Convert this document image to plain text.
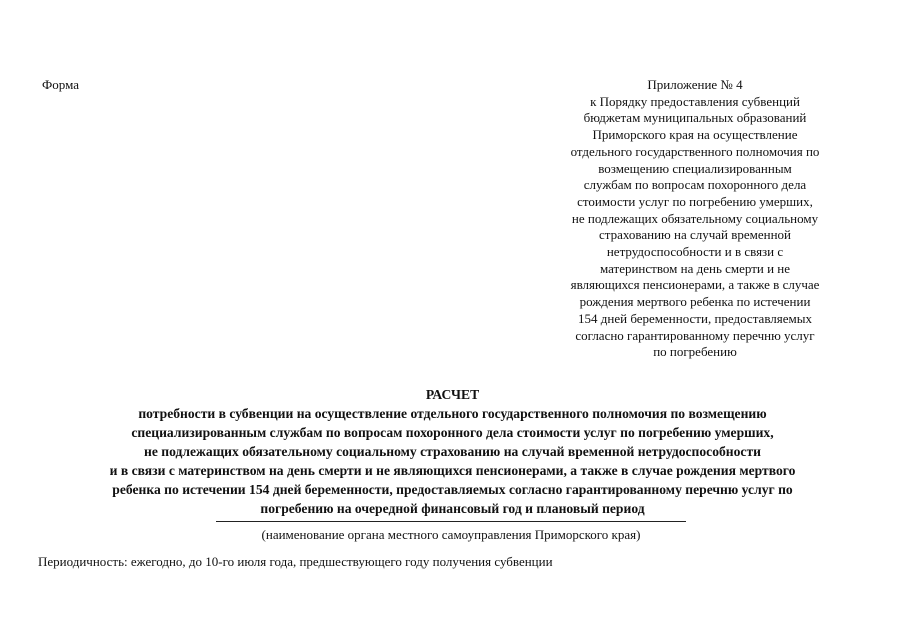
Форма	Приложение № 4
к Порядку предоставления субвенций
бюджетам муниципальных образований
Приморского края на осуществление
отдельного государственного полномочия по
возмещению специализированным
службам по вопросам похоронного дела
стоимости услуг по погребению умерших,
не подлежащих обязательному социальному
страхованию на случай временной
нетрудоспособности и в связи с
материнством на день смерти и не
являющихся пенсионерами, а также в случае
рождения мертвого ребенка по истечении
154 дней беременности, предоставляемых
согласно гарантированному перечню услуг
по погребению
РАСЧЕТ
потребности в субвенции на осуществление отдельного государственного полномочия по возмещению
специализированным службам по вопросам похоронного дела стоимости услуг по погребению умерших,
не подлежащих обязательному социальному страхованию на случай временной нетрудоспособности
и в связи с материнством на день смерти и не являющихся пенсионерами, а также в случае рождения мертвого
ребенка по истечении 154 дней беременности, предоставляемых согласно гарантированному перечню услуг по
погребению на очередной финансовый год и плановый период
(наименование органа местного самоуправления Приморского края)
Периодичность: ежегодно, до 10-го июля года, предшествующего году получения субвенции
